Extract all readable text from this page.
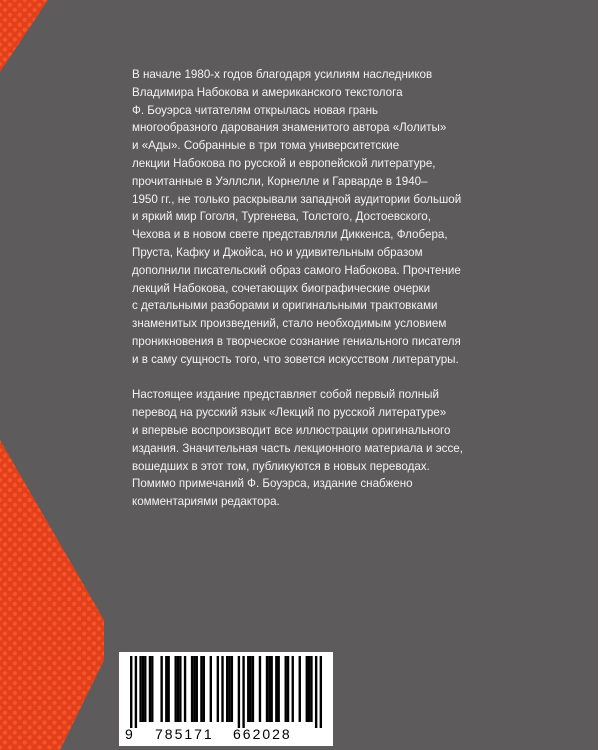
В начале 1980-х годов благодаря усилиям наследников
Владимира Набокова и американского текстолога
Ф. Боуэрса читателям открылась новая грань
многообразного дарования знаменитого автора «Лолиты»
и «Ады». Собранные в три тома университетские
лекции Набокова по русской и европейской литературе,
прочитанные в Уэллсли, Корнелле и Гарварде в 1940–
1950 гг., не только раскрывали западной аудитории большой
и яркий мир Гоголя, Тургенева, Толстого, Достоевского,
Чехова и в новом свете представляли Диккенса, Флобера,
Пруста, Кафку и Джойса, но и удивительным образом
дополнили писательский образ самого Набокова. Прочтение
лекций Набокова, сочетающих биографические очерки
с детальными разборами и оригинальными трактовками
знаменитых произведений, стало необходимым условием
проникновения в творческое сознание гениального писателя
и в саму сущность того, что зовется искусством литературы.

Настоящее издание представляет собой первый полный
перевод на русский язык «Лекций по русской литературе»
и впервые воспроизводит все иллюстрации оригинального
издания. Значительная часть лекционного материала и эссе,
вошедших в этот том, публикуются в новых переводах.
Помимо примечаний Ф. Боуэрса, издание снабжено
комментариями редактора.

9 785171 662028
